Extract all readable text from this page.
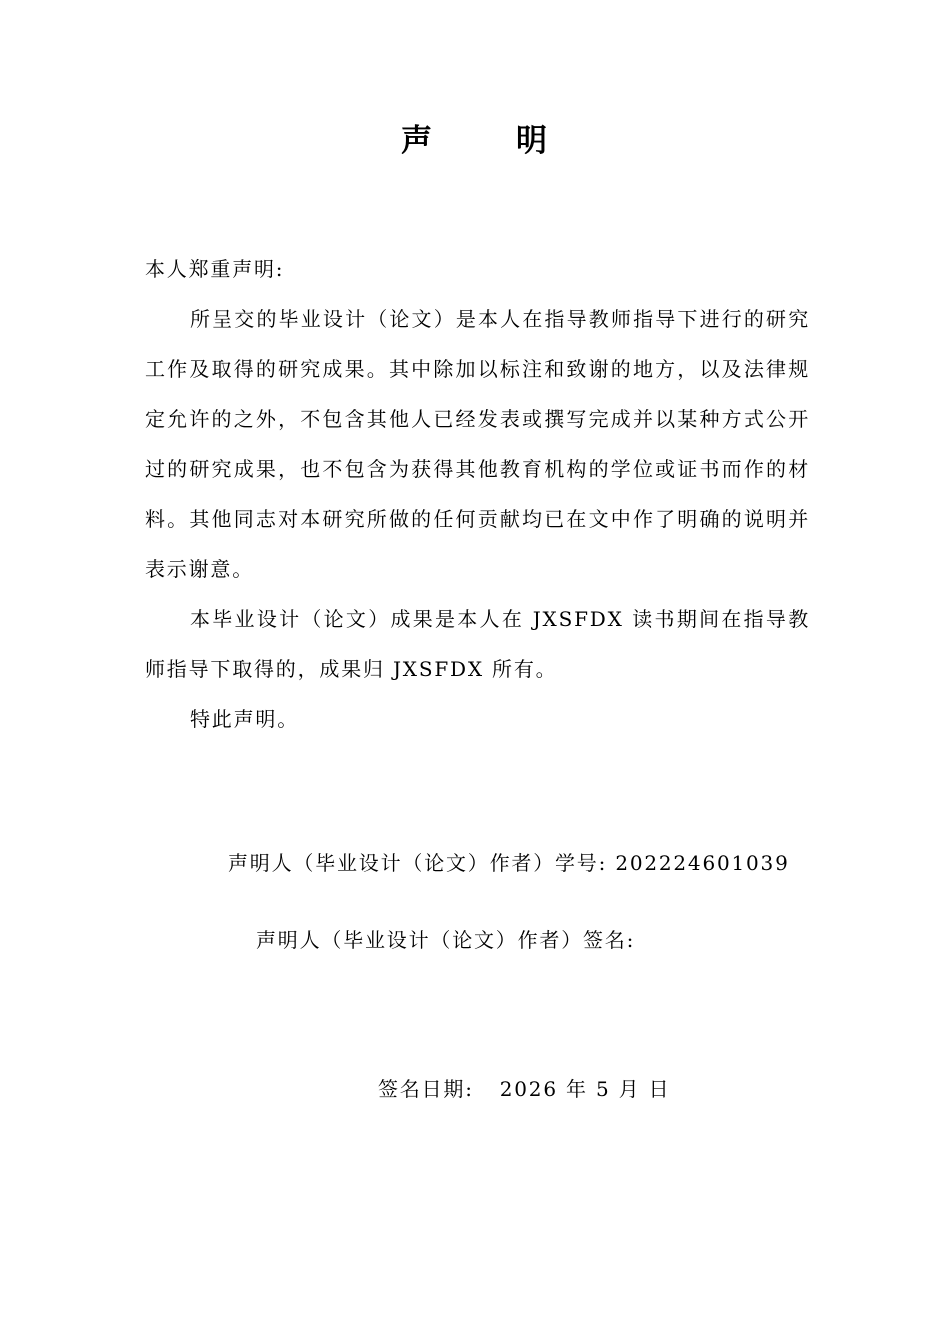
声	明

本人郑重声明:

所呈交的毕业设计（论文）是本人在指导教师指导下进行的研究工作及取得的研究成果。其中除加以标注和致谢的地方，以及法律规定允许的之外，不包含其他人已经发表或撰写完成并以某种方式公开过的研究成果，也不包含为获得其他教育机构的学位或证书而作的材料。其他同志对本研究所做的任何贡献均已在文中作了明确的说明并表示谢意。

本毕业设计（论文）成果是本人在 JXSFDX 读书期间在指导教师指导下取得的，成果归 JXSFDX 所有。

特此声明。

声明人（毕业设计（论文）作者）学号: 202224601039
声明人（毕业设计（论文）作者）签名:
签名日期: 2026 年 5 月 日
